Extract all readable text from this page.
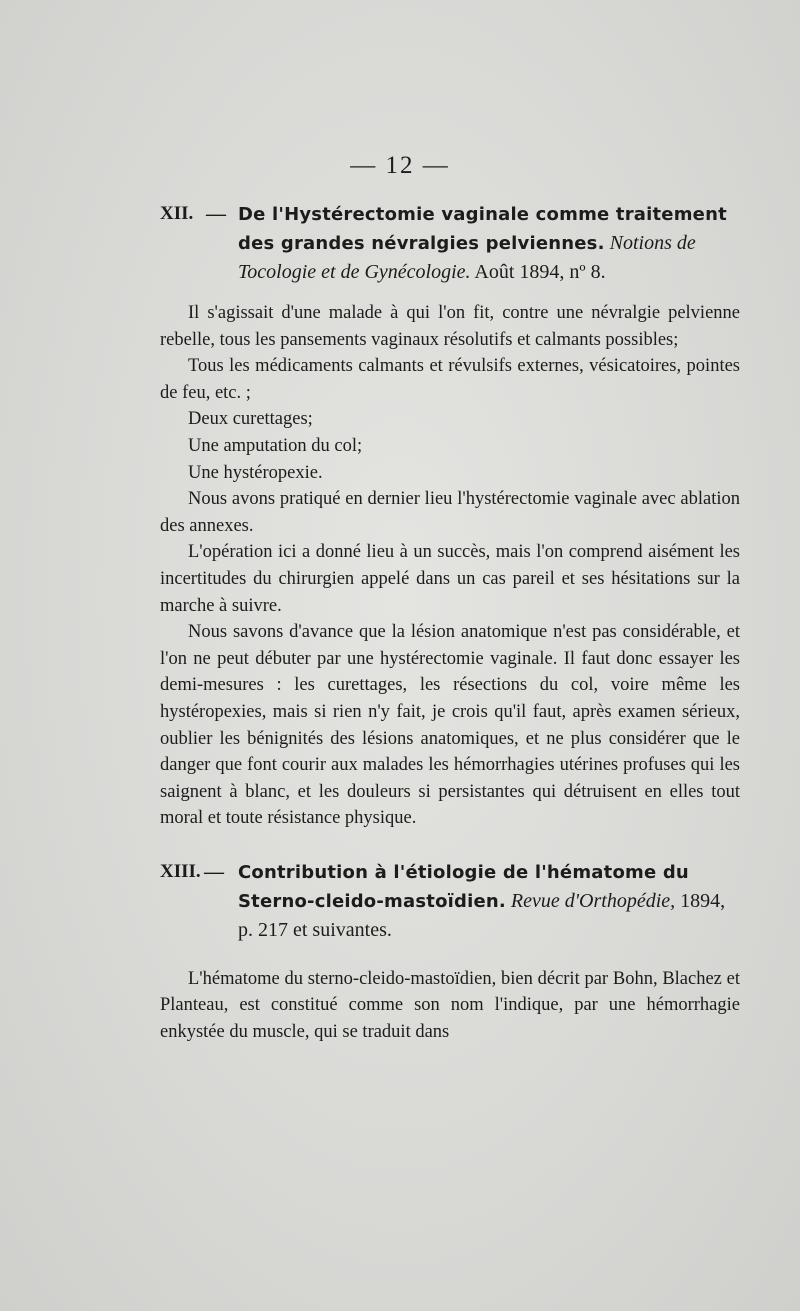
— 12 —
XII. — De l'Hystérectomie vaginale comme traitement des grandes névralgies pelviennes. Notions de Tocologie et de Gynécologie. Août 1894, nº 8.

Il s'agissait d'une malade à qui l'on fit, contre une névralgie pelvienne rebelle, tous les pansements vaginaux résolutifs et calmants possibles;

Tous les médicaments calmants et révulsifs externes, vésicatoires, pointes de feu, etc. ;

Deux curettages;

Une amputation du col;

Une hystéropexie.

Nous avons pratiqué en dernier lieu l'hystérectomie vaginale avec ablation des annexes.

L'opération ici a donné lieu à un succès, mais l'on comprend aisément les incertitudes du chirurgien appelé dans un cas pareil et ses hésitations sur la marche à suivre.

Nous savons d'avance que la lésion anatomique n'est pas considérable, et l'on ne peut débuter par une hystérectomie vaginale. Il faut donc essayer les demi-mesures : les curettages, les résections du col, voire même les hystéropexies, mais si rien n'y fait, je crois qu'il faut, après examen sérieux, oublier les bénignités des lésions anatomiques, et ne plus considérer que le danger que font courir aux malades les hémorrhagies utérines profuses qui les saignent à blanc, et les douleurs si persistantes qui détruisent en elles tout moral et toute résistance physique.

XIII. — Contribution à l'étiologie de l'hématome du Sterno-cleido-mastoïdien. Revue d'Orthopédie, 1894, p. 217 et suivantes.

L'hématome du sterno-cleido-mastoïdien, bien décrit par Bohn, Blachez et Planteau, est constitué comme son nom l'indique, par une hémorrhagie enkystée du muscle, qui se traduit dans
